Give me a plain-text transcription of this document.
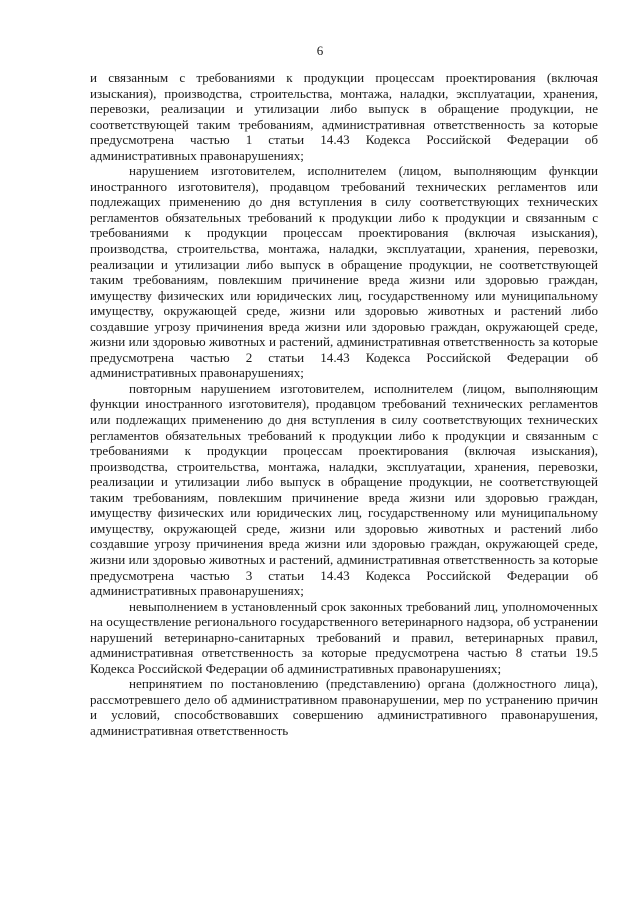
6

и связанным с требованиями к продукции процессам проектирования (включая изыскания), производства, строительства, монтажа, наладки, эксплуатации, хранения, перевозки, реализации и утилизации либо выпуск в обращение продукции, не соответствующей таким требованиям, административная ответственность за которые предусмотрена частью 1 статьи 14.43 Кодекса Российской Федерации об административных правонарушениях;

нарушением изготовителем, исполнителем (лицом, выполняющим функции иностранного изготовителя), продавцом требований технических регламентов или подлежащих применению до дня вступления в силу соответствующих технических регламентов обязательных требований к продукции либо к продукции и связанным с требованиями к продукции процессам проектирования (включая изыскания), производства, строительства, монтажа, наладки, эксплуатации, хранения, перевозки, реализации и утилизации либо выпуск в обращение продукции, не соответствующей таким требованиям, повлекшим причинение вреда жизни или здоровью граждан, имуществу физических или юридических лиц, государственному или муниципальному имуществу, окружающей среде, жизни или здоровью животных и растений либо создавшие угрозу причинения вреда жизни или здоровью граждан, окружающей среде, жизни или здоровью животных и растений, административная ответственность за которые предусмотрена частью 2 статьи 14.43 Кодекса Российской Федерации об административных правонарушениях;

повторным нарушением изготовителем, исполнителем (лицом, выполняющим функции иностранного изготовителя), продавцом требований технических регламентов или подлежащих применению до дня вступления в силу соответствующих технических регламентов обязательных требований к продукции либо к продукции и связанным с требованиями к продукции процессам проектирования (включая изыскания), производства, строительства, монтажа, наладки, эксплуатации, хранения, перевозки, реализации и утилизации либо выпуск в обращение продукции, не соответствующей таким требованиям, повлекшим причинение вреда жизни или здоровью граждан, имуществу физических или юридических лиц, государственному или муниципальному имуществу, окружающей среде, жизни или здоровью животных и растений либо создавшие угрозу причинения вреда жизни или здоровью граждан, окружающей среде, жизни или здоровью животных и растений, административная ответственность за которые предусмотрена частью 3 статьи 14.43 Кодекса Российской Федерации об административных правонарушениях;

невыполнением в установленный срок законных требований лиц, уполномоченных на осуществление регионального государственного ветеринарного надзора, об устранении нарушений ветеринарно-санитарных требований и правил, ветеринарных правил, административная ответственность за которые предусмотрена частью 8 статьи 19.5 Кодекса Российской Федерации об административных правонарушениях;

непринятием по постановлению (представлению) органа (должностного лица), рассмотревшего дело об административном правонарушении, мер по устранению причин и условий, способствовавших совершению административного правонарушения, административная ответственность
